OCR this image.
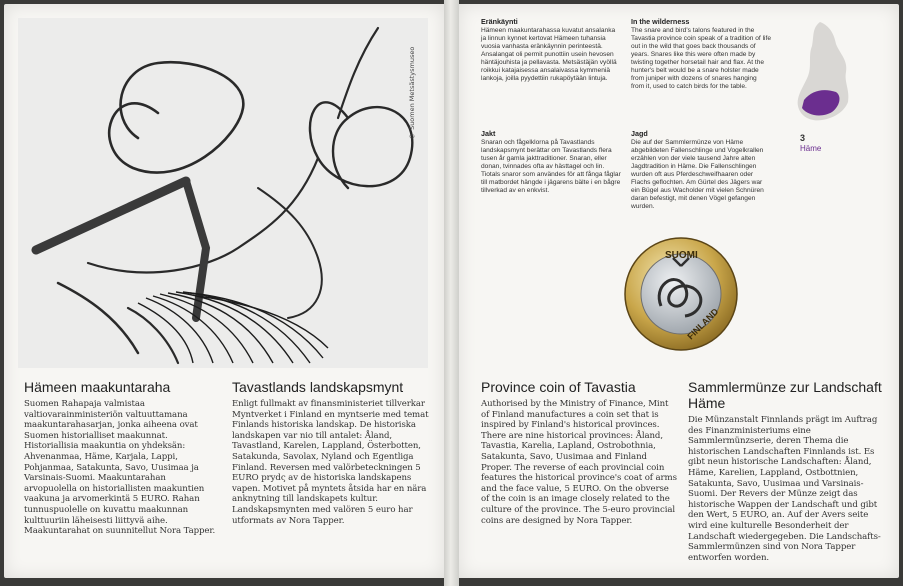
© Suomen Metsästysmuseo
Hämeen maakuntaraha

Suomen Rahapaja valmistaa valtiovarainministeriön valtuuttamana maakuntarahasarjan, jonka aiheena ovat Suomen historialliset maakunnat. Historiallisia maakuntia on yhdeksän: Ahvenanmaa, Häme, Karjala, Lappi, Pohjanmaa, Satakunta, Savo, Uusimaa ja Varsinais-Suomi. Maakuntarahan arvopuolella on historiallisten maakuntien vaakuna ja arvomerkintä 5 EURO. Rahan tunnuspuolelle on kuvattu maakunnan kulttuuriin läheisesti liittyvä aihe. Maakuntarahat on suunnitellut Nora Tapper.

Tavastlands landskapsmynt

Enligt fullmakt av finansministeriet tillverkar Myntverket i Finland en myntserie med temat Finlands historiska landskap. De historiska landskapen var nio till antalet: Åland, Tavastland, Karelen, Lappland, Österbotten, Satakunda, Savolax, Nyland och Egentliga Finland. Reversen med valörbeteckningen 5 EURO prydς av de historiska landskapens vapen. Motivet på myntets åtsida har en nära anknytning till landskapets kultur. Landskapsmynten med valören 5 euro har utformats av Nora Tapper.

Eränkäynti

Hämeen maakuntarahassa kuvatut ansalanka ja linnun kynnet kertovat Hämeen tuhansia vuosia vanhasta eränkäynnin perinteestä. Ansalangat oli permit punottiin usein hevosen häntäjouhista ja pellavasta. Metsästäjän vyöllä roikkui katajaisessa ansalaivassa kymmeniä lankoja, joilla pyydettiin rukapöytään lintuja.

In the wilderness

The snare and bird's talons featured in the Tavastia province coin speak of a tradition of life out in the wild that goes back thousands of years. Snares like this were often made by twisting together horsetail hair and flax. At the hunter's belt would be a snare holster made from juniper with dozens of snares hanging from it, used to catch birds for the table.

Jakt

Snaran och fågelklorna på Tavastlands landskapsmynt berättar om Tavastlands flera tusen år gamla jakttraditioner. Snaran, eller donan, tvinnades ofta av hästtagel och lin. Tiotals snaror som användes för att fånga fåglar till matbordet hängde i jägarens bälte i en bågre tillverkad av en enkvist.

Jagd

Die auf der Sammlermünze von Häme abgebildeten Fallenschlinge und Vogelkrallen erzählen von der viele tausend Jahre alten Jagdtradition in Häme. Die Fallenschlingen wurden oft aus Pferdeschweifhaaren oder Flachs geflochten. Am Gürtel des Jägers war ein Bügel aus Wacholder mit vielen Schnüren daran befestigt, mit denen Vögel gefangen wurden.

3
Häme
SUOMI
FINLAND
Province coin of Tavastia

Authorised by the Ministry of Finance, Mint of Finland manufactures a coin set that is inspired by Finland's historical provinces. There are nine historical provinces: Åland, Tavastia, Karelia, Lapland, Ostrobothnia, Satakunta, Savo, Uusimaa and Finland Proper. The reverse of each provincial coin features the historical province's coat of arms and the face value, 5 EURO. On the obverse of the coin is an image closely related to the culture of the province. The 5-euro provincial coins are designed by Nora Tapper.

Sammlermünze zur Landschaft Häme

Die Münzanstalt Finnlands prägt im Auftrag des Finanzministeriums eine Sammlermünzserie, deren Thema die historischen Landschaften Finnlands ist. Es gibt neun historische Landschaften: Åland, Häme, Karelien, Lappland, Ostbottnien, Satakunta, Savo, Uusimaa und Varsinais-Suomi. Der Revers der Münze zeigt das historische Wappen der Landschaft und gibt den Wert, 5 EURO, an. Auf der Avers seite wird eine kulturelle Besonderheit der Landschaft wiedergegeben. Die Landschafts-Sammlermünzen sind von Nora Tapper entworfen worden.
